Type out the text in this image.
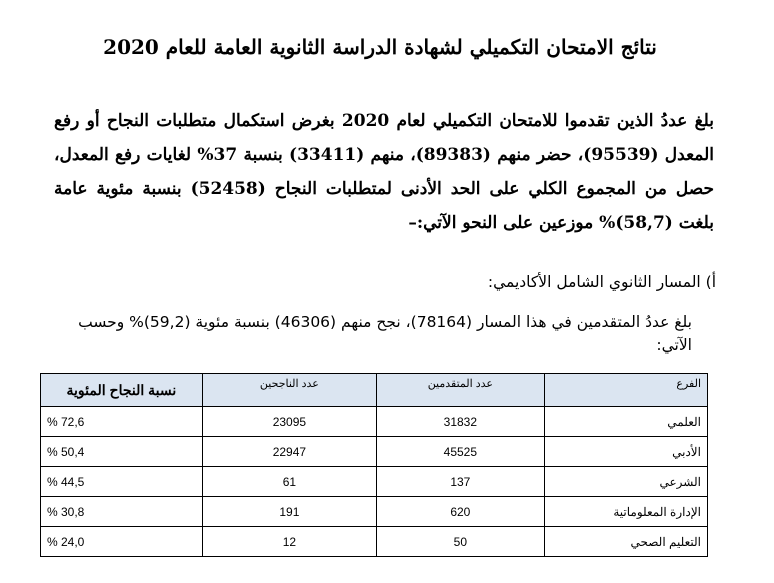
نتائج الامتحان التكميلي لشهادة الدراسة الثانوية العامة للعام 2020
بلغ عددُ الذين تقدموا للامتحان التكميلي لعام 2020 بغرض استكمال متطلبات النجاح أو رفع المعدل (95539)، حضر منهم (89383)، منهم (33411) بنسبة 37% لغايات رفع المعدل، حصل من المجموع الكلي على الحد الأدنى لمتطلبات النجاح (52458) بنسبة مئوية عامة بلغت (58,7)% موزعين على النحو الآتي:–
أ) المسار الثانوي الشامل الأكاديمي:
بلغ عددُ المتقدمين في هذا المسار (78164)، نجح منهم (46306) بنسبة مئوية (59,2)% وحسب الآتي:
الفرع	عدد المتقدمين	عدد الناجحين	نسبة النجاح المئوية
العلمي	31832	23095	% 72,6
الأدبي	45525	22947	% 50,4
الشرعي	137	61	% 44,5
الإدارة المعلوماتية	620	191	% 30,8
التعليم الصحي	50	12	% 24,0
